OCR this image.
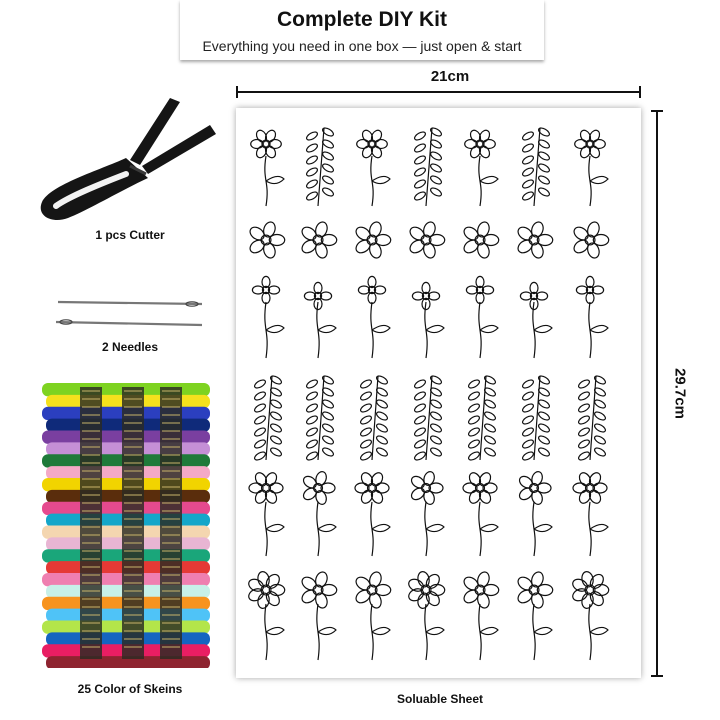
Complete DIY Kit
Everything you need in one box — just open & start
1 pcs Cutter
2 Needles
25 Color of Skeins
21cm
29.7cm
Soluable Sheet
